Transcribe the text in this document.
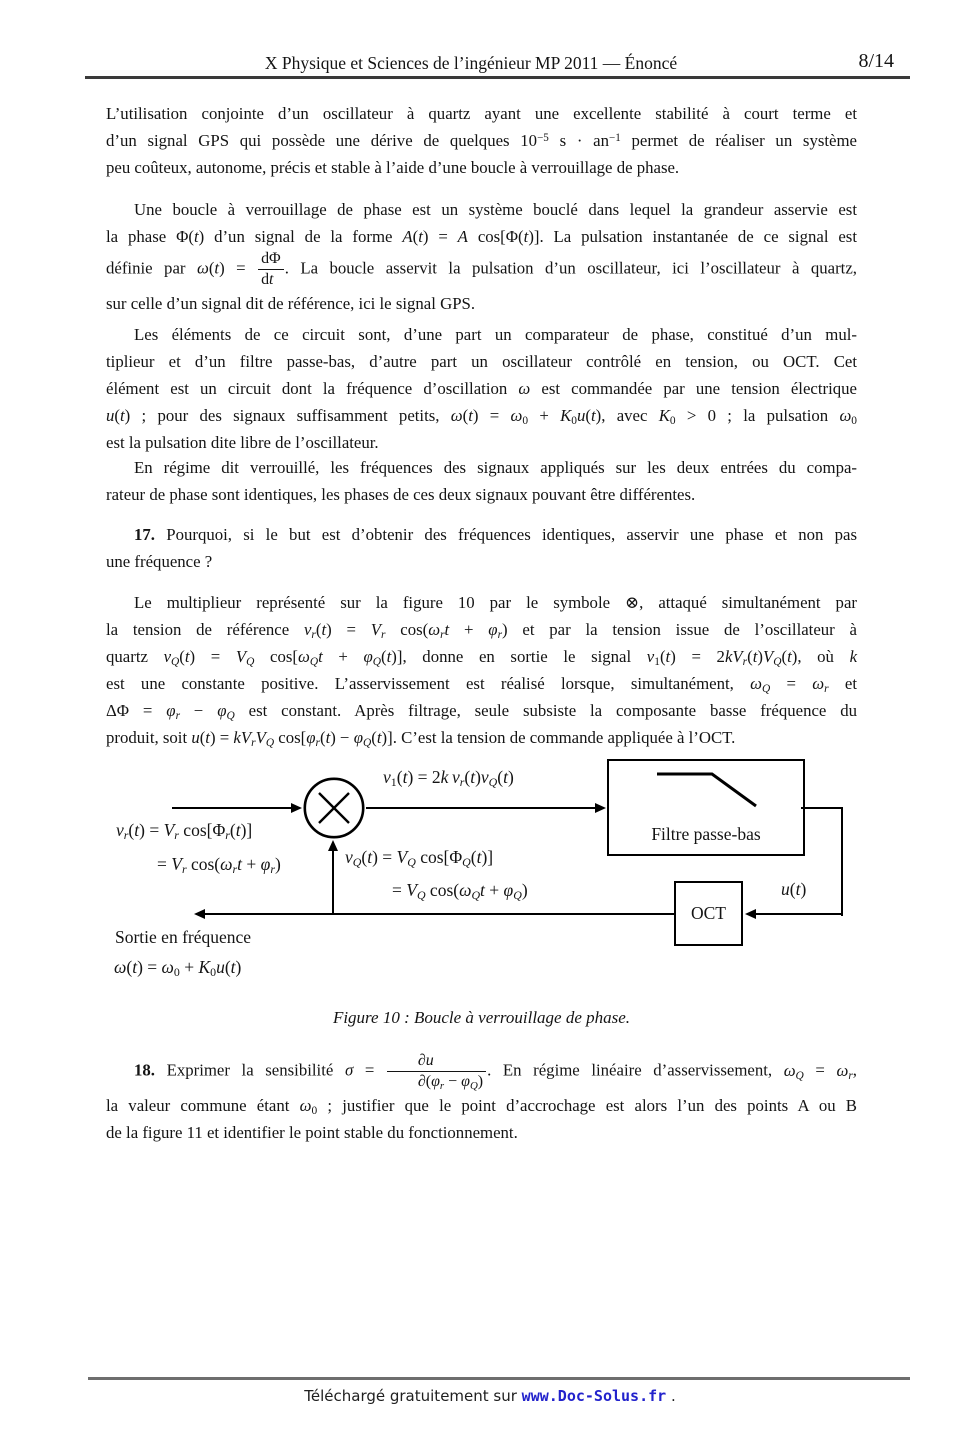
X Physique et Sciences de l’ingénieur MP 2011 — Énoncé	8/14
L’utilisation conjointe d’un oscillateur à quartz ayant une excellente stabilité à court terme et
d’un signal GPS qui possède une dérive de quelques $10^{-5}$ $s \cdot an^{-1}$ permet de réaliser un système
peu coûteux, autonome, précis et stable à l’aide d’une boucle à verrouillage de phase.
Une boucle à verrouillage de phase est un système bouclé dans lequel la grandeur asservie est
la phase Φ(t) d’un signal de la forme A(t) = A cos[Φ(t)]. La pulsation instantanée de ce signal est
définie par $\omega(t) = \frac{d\Phi}{dt}$ . La boucle asservit la pulsation d’un oscillateur, ici l’oscillateur à quartz,
sur celle d’un signal dit de référence, ici le signal GPS.
Les éléments de ce circuit sont, d’une part un comparateur de phase, constitué d’un mul-
tiplieur et d’un filtre passe-bas, d’autre part un oscillateur contrôlé en tension, ou OCT. Cet
élément est un circuit dont la fréquence d’oscillation ω est commandée par une tension électrique
u(t) ; pour des signaux suffisamment petits, $\omega(t) = \omega_0 + K_0u(t)$, avec $K_0 > 0$ ; la pulsation $\omega_0$
est la pulsation dite libre de l’oscillateur.
En régime dit verrouillé, les fréquences des signaux appliqués sur les deux entrées du compa-
rateur de phase sont identiques, les phases de ces deux signaux pouvant être différentes.
17. Pourquoi, si le but est d’obtenir des fréquences identiques, asservir une phase et non pas
une fréquence ?
Le multiplieur représenté sur la figure 10 par le symbole ⊗, attaqué simultanément par
la tension de référence $v_r(t) = V_r$ $\cos(\omega_rt + \varphi_r)$ et par la tension issue de l’oscillateur à
quartz $v_Q(t) = V_Q$ $\cos[\omega_Qt + \varphi_Q(t)]$, donne en sortie le signal $v_1(t) = 2kV_r(t)V_Q(t)$, où k
est une constante positive. L’asservissement est réalisé lorsque, simultanément, $\omega_Q = \omega_r$ et
$\Delta\Phi = \varphi_r - \varphi_Q$ est constant. Après filtrage, seule subsiste la composante basse fréquence du
produit, soit $u(t) = kV_rV_Q$ $\cos[\varphi_r(t) - \varphi_Q(t)]$. C’est la tension de commande appliquée à l’OCT.
18. Exprimer la sensibilité $\sigma = \frac{\partial u}{\partial(\varphi_r - \varphi_Q)}$ . En régime linéaire d’asservissement, $\omega_Q = \omega_r$,
la valeur commune étant $\omega_0$ ; justifier que le point d’accrochage est alors l’un des points A ou B
de la figure 11 et identifier le point stable du fonctionnement.
$v_1(t) = 2k$  $v_r(t)v_Q(t)$
Filtre passe-bas
u(t)
OCT
$v_r(t) = V_r$ $\cos[\Phi_r(t)]$
= $V_r$ $\cos(\omega_rt + \varphi_r)$	$v_Q(t) = V_Q$ $\cos[\Phi_Q(t)]$
= $V_Q$ $\cos(\omega_Qt + \varphi_Q)$
Sortie en fréquence
$\omega(t) = \omega_0 + K_0u(t)$
Figure 10 : Boucle à verrouillage de phase.
Téléchargé gratuitement sur www.Doc-Solus.fr .
